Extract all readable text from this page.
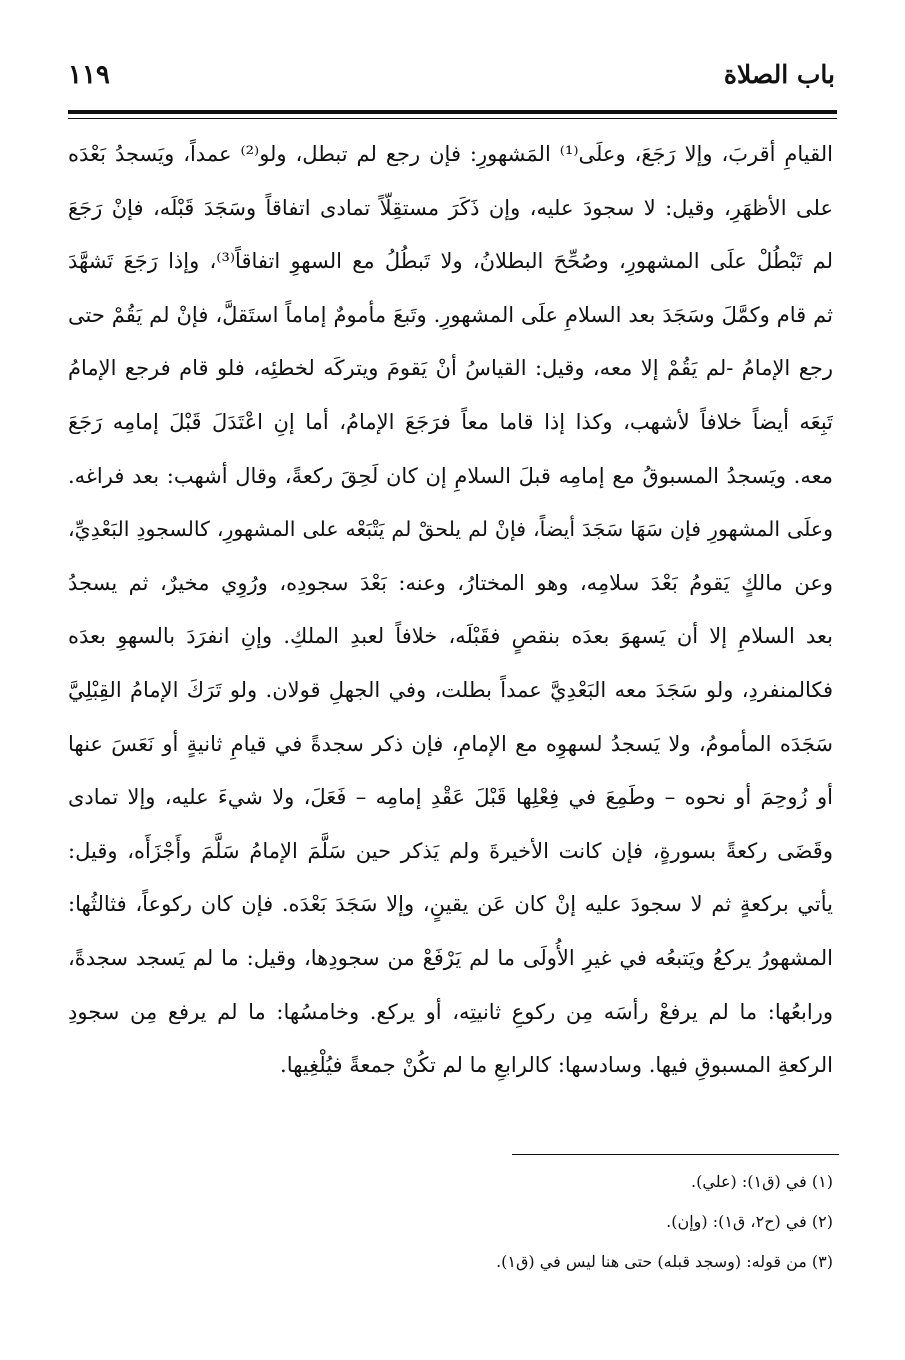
باب الصلاة
١١٩
القيامِ أقربَ، وإلا رَجَعَ، وعلَى⁽¹⁾ المَشهورِ: فإن رجع لم تبطل، ولو⁽²⁾ عمداً، ويَسجدُ بَعْدَه
على الأظهَرِ، وقيل: لا سجودَ عليه، وإن ذَكَرَ مستقِلّاً تمادى اتفاقاً وسَجَدَ قَبْلَه، فإنْ رَجَعَ
لم تَبْطُلْ علَى المشهورِ، وصُحِّحَ البطلانُ، ولا تَبطُلُ مع السهوِ اتفاقاً⁽³⁾، وإذا رَجَعَ تَشهَّدَ
ثم قام وكمَّلَ وسَجَدَ بعد السلامِ علَى المشهورِ. وتَبعَ مأمومٌ إماماً استَقلَّ، فإنْ لم يَقُمْ حتى
رجع الإمامُ -لم يَقُمْ إلا معه، وقيل: القياسُ أنْ يَقومَ ويتركَه لخطئِه، فلو قام فرجع الإمامُ
تَبِعَه أيضاً خلافاً لأشهب، وكذا إذا قاما معاً فرَجَعَ الإمامُ، أما إنِ اعْتَدَلَ قَبْلَ إمامِه رَجَعَ
معه. ويَسجدُ المسبوقُ مع إمامِه قبلَ السلامِ إن كان لَحِقَ ركعةً، وقال أشهب: بعد فراغه.
وعلَى المشهورِ فإن سَهَا سَجَدَ أيضاً، فإنْ لم يلحقْ لم يَتْبَعْه على المشهورِ، كالسجودِ البَعْدِيِّ،
وعن مالكٍ يَقومُ بَعْدَ سلامِه، وهو المختارُ، وعنه: بَعْدَ سجودِه، ورُوِي مخيرٌ، ثم يسجدُ
بعد السلامِ إلا أن يَسهوَ بعدَه بنقصٍ فقَبْلَه، خلافاً لعبدِ الملكِ. وإنِ انفرَدَ بالسهوِ بعدَه
فكالمنفردِ، ولو سَجَدَ معه البَعْدِيَّ عمداً بطلت، وفي الجهلِ قولان. ولو تَرَكَ الإمامُ القِبْلِيَّ
سَجَدَه المأمومُ، ولا يَسجدُ لسهوِه مع الإمامِ، فإن ذكر سجدةً في قيامِ ثانيةٍ أو نَعَسَ عنها
أو زُوحِمَ أو نحوه – وطَمِعَ في فِعْلِها قَبْلَ عَقْدِ إمامِه – فَعَلَ، ولا شيءَ عليه، وإلا تمادى
وقَضَى ركعةً بسورةٍ، فإن كانت الأخيرةَ ولم يَذكر حين سَلَّمَ الإمامُ سَلَّمَ وأَجْزَأَه، وقيل:
يأتي بركعةٍ ثم لا سجودَ عليه إنْ كان عَن يقينٍ، وإلا سَجَدَ بَعْدَه. فإن كان ركوعاً، فثالثُها:
المشهورُ يركعُ ويَتبعُه في غيرِ الأُولَى ما لم يَرْفَعْ من سجودِها، وقيل: ما لم يَسجد سجدةً،
ورابعُها: ما لم يرفعْ رأسَه مِن ركوعِ ثانيتِه، أو يركع. وخامسُها: ما لم يرفع مِن سجودِ
الركعةِ المسبوقِ فيها. وسادسها: كالرابعِ ما لم تكُنْ جمعةً فيُلْغِيها.
(١) في (ق١): (علي).
(٢) في (ح٢، ق١): (وإن).
(٣) من قوله: (وسجد قبله) حتى هنا ليس في (ق١).
